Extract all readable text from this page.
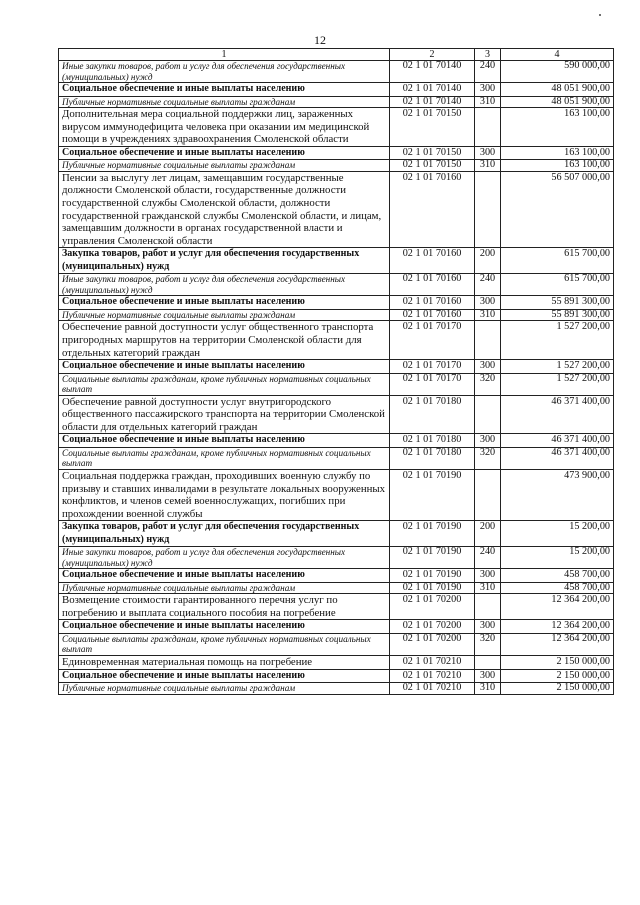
12
1	2	3	4
Иные закупки товаров, работ и услуг для обеспечения государственных (муниципальных) нужд	02 1 01 70140	240	590 000,00
Социальное обеспечение и иные выплаты населению	02 1 01 70140	300	48 051 900,00
Публичные нормативные социальные выплаты гражданам	02 1 01 70140	310	48 051 900,00
Дополнительная мера социальной поддержки лиц, зараженных вирусом иммунодефицита человека при оказании им медицинской помощи в учреждениях здравоохранения Смоленской области	02 1 01 70150		163 100,00
Социальное обеспечение и иные выплаты населению	02 1 01 70150	300	163 100,00
Публичные нормативные социальные выплаты гражданам	02 1 01 70150	310	163 100,00
Пенсии за выслугу лет лицам, замещавшим государственные должности Смоленской области, государственные должности государственной службы Смоленской области, должности государственной гражданской службы Смоленской области, и лицам, замещавшим должности в органах государственной власти и управления Смоленской области	02 1 01 70160		56 507 000,00
Закупка товаров, работ и услуг для обеспечения государственных (муниципальных) нужд	02 1 01 70160	200	615 700,00
Иные закупки товаров, работ и услуг для обеспечения государственных (муниципальных) нужд	02 1 01 70160	240	615 700,00
Социальное обеспечение и иные выплаты населению	02 1 01 70160	300	55 891 300,00
Публичные нормативные социальные выплаты гражданам	02 1 01 70160	310	55 891 300,00
Обеспечение равной доступности услуг общественного транспорта пригородных маршрутов на территории Смоленской области для отдельных категорий граждан	02 1 01 70170		1 527 200,00
Социальное обеспечение и иные выплаты населению	02 1 01 70170	300	1 527 200,00
Социальные выплаты гражданам, кроме публичных нормативных социальных выплат	02 1 01 70170	320	1 527 200,00
Обеспечение равной доступности услуг внутригородского общественного пассажирского транспорта на территории Смоленской области для отдельных категорий граждан	02 1 01 70180		46 371 400,00
Социальное обеспечение и иные выплаты населению	02 1 01 70180	300	46 371 400,00
Социальные выплаты гражданам, кроме публичных нормативных социальных выплат	02 1 01 70180	320	46 371 400,00
Социальная поддержка граждан, проходивших военную службу по призыву и ставших инвалидами в результате локальных вооруженных конфликтов, и членов семей военнослужащих, погибших при прохождении военной службы	02 1 01 70190		473 900,00
Закупка товаров, работ и услуг для обеспечения государственных (муниципальных) нужд	02 1 01 70190	200	15 200,00
Иные закупки товаров, работ и услуг для обеспечения государственных (муниципальных) нужд	02 1 01 70190	240	15 200,00
Социальное обеспечение и иные выплаты населению	02 1 01 70190	300	458 700,00
Публичные нормативные социальные выплаты гражданам	02 1 01 70190	310	458 700,00
Возмещение стоимости гарантированного перечня услуг по погребению и выплата социального пособия на погребение	02 1 01 70200		12 364 200,00
Социальное обеспечение и иные выплаты населению	02 1 01 70200	300	12 364 200,00
Социальные выплаты гражданам, кроме публичных нормативных социальных выплат	02 1 01 70200	320	12 364 200,00
Единовременная материальная помощь на погребение	02 1 01 70210		2 150 000,00
Социальное обеспечение и иные выплаты населению	02 1 01 70210	300	2 150 000,00
Публичные нормативные социальные выплаты гражданам	02 1 01 70210	310	2 150 000,00
